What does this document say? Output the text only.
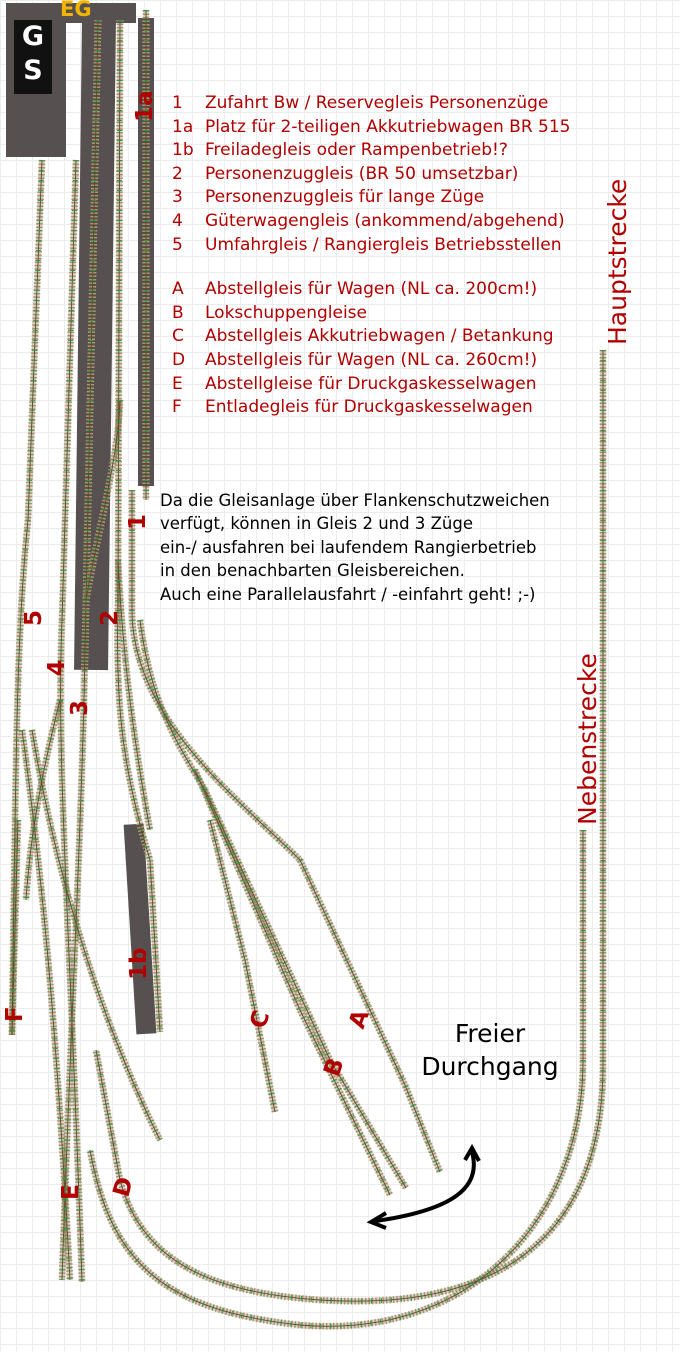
1a
1
2
3
4
5
F
E D
1b
C
B
A
G
S
EG
1 Zufahrt Bw / Reservegleis Personenzüge
1a Platz für 2-teiligen Akkutriebwagen BR 515
1b Freiladegleis oder Rampenbetrieb!?
2 Personenzuggleis (BR 50 umsetzbar)
3 Personenzuggleis für lange Züge
4 Güterwagengleis (ankommend/abgehend)
5 Umfahrgleis / Rangiergleis Betriebsstellen
A Abstellgleis für Wagen (NL ca. 200cm!)
B Lokschuppengleise
C Abstellgleis Akkutriebwagen / Betankung
D Abstellgleis für Wagen (NL ca. 260cm!)
E Abstellgleise für Druckgaskesselwagen
F Entladegleis für Druckgaskesselwagen
Da die Gleisanlage über Flankenschutzweichen
verfügt, können in Gleis 2 und 3 Züge
ein-/ ausfahren bei laufendem Rangierbetrieb
in den benachbarten Gleisbereichen.
Auch eine Parallelausfahrt / -einfahrt geht! ;-)
Hauptstrecke
Nebenstrecke
Freier
Durchgang
